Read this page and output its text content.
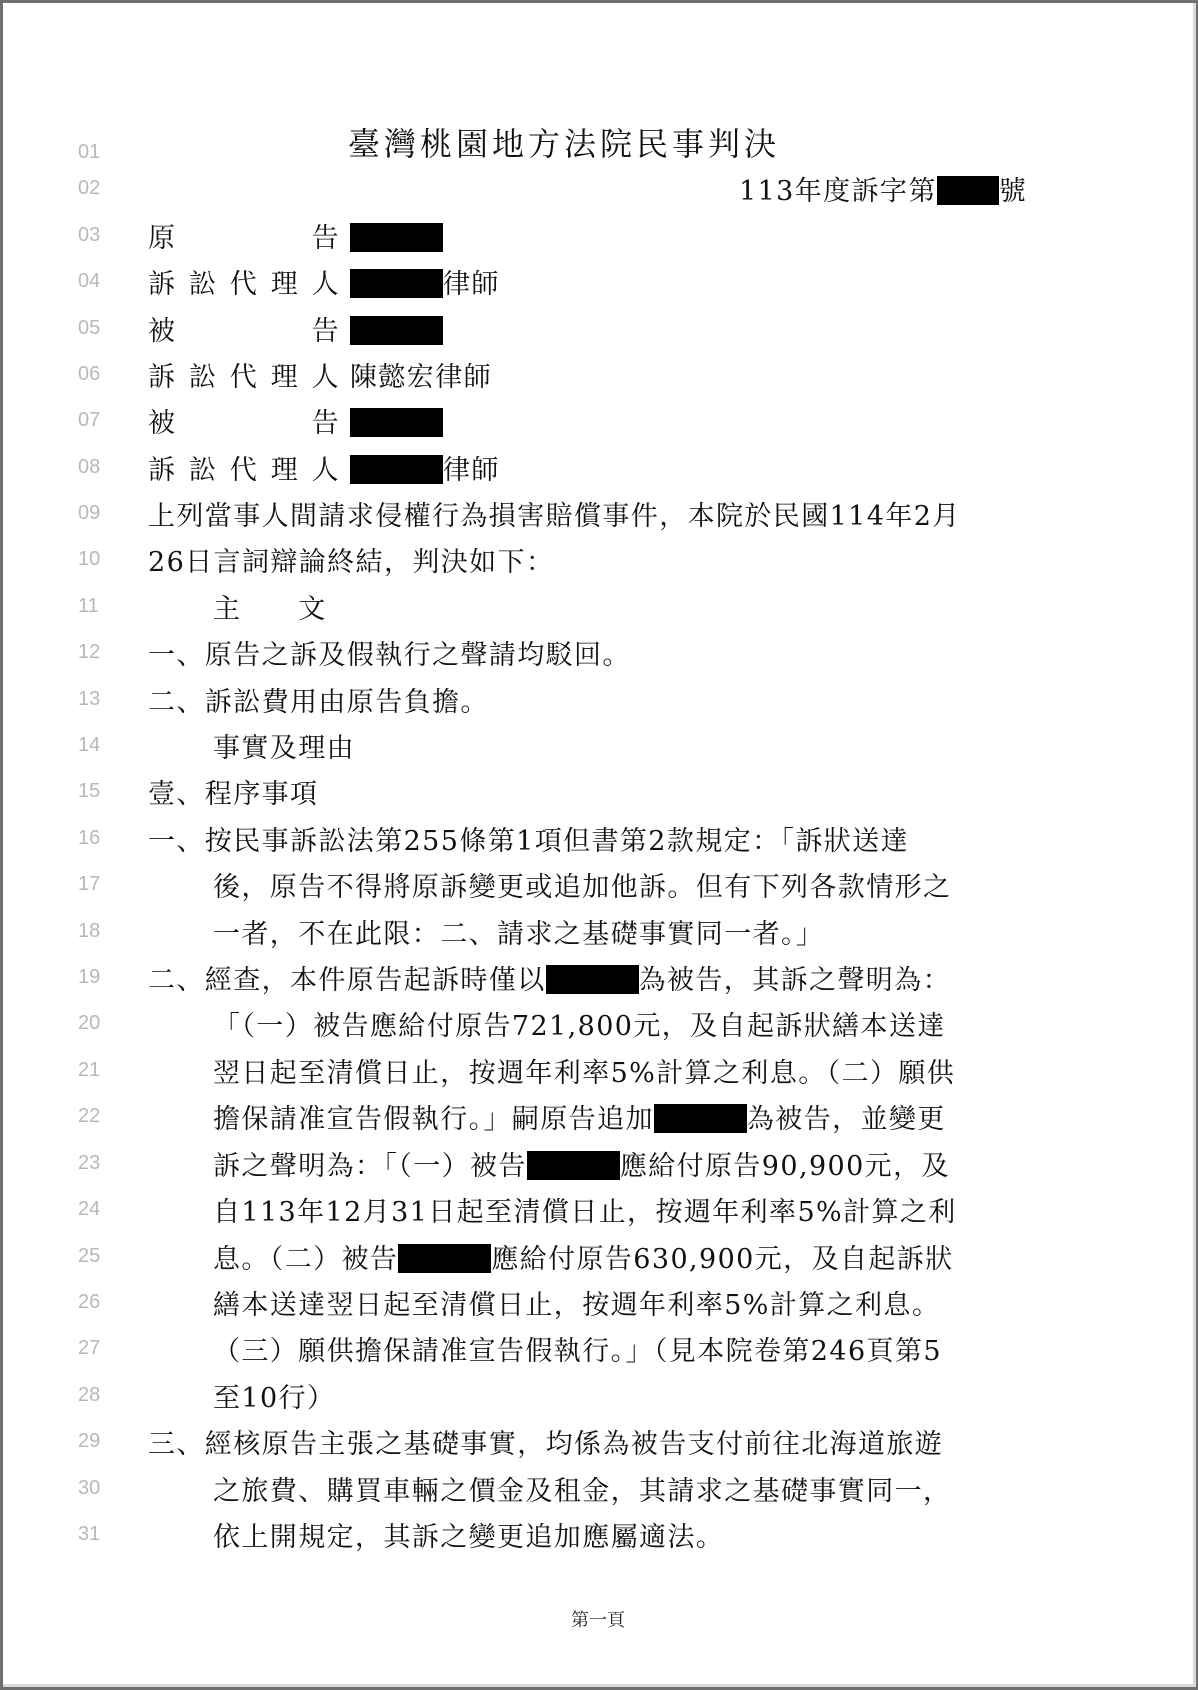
01	臺灣桃園地方法院民事判決
02	113年度訴字第 號
03	原　　　告
04	訴訟代理人	律師
05	被　　　告
06	訴訟代理人 陳懿宏律師
07	被　　　告
08	訴訟代理人	律師
09	上列當事人間請求侵權行為損害賠償事件，本院於民國114年2月
10	26日言詞辯論終結，判決如下：
11	主　　文
12	一、原告之訴及假執行之聲請均駁回。
13	二、訴訟費用由原告負擔。
14	事實及理由
15	壹、程序事項
16	一、按民事訴訟法第255條第1項但書第2款規定：「訴狀送達
17	後，原告不得將原訴變更或追加他訴。但有下列各款情形之
18	一者，不在此限：二、請求之基礎事實同一者。」
19	二、經查，本件原告起訴時僅以	為被告，其訴之聲明為：
20	「（一）被告應給付原告721,800元，及自起訴狀繕本送達
21	翌日起至清償日止，按週年利率5%計算之利息。（二）願供
22	擔保請准宣告假執行。」嗣原告追加	為被告，並變更
23	訴之聲明為：「（一）被告	應給付原告90,900元，及
24	自113年12月31日起至清償日止，按週年利率5%計算之利
25	息。（二）被告	應給付原告630,900元，及自起訴狀
26	繕本送達翌日起至清償日止，按週年利率5%計算之利息。
27	（三）願供擔保請准宣告假執行。」（見本院卷第246頁第5
28	至10行）
29	三、經核原告主張之基礎事實，均係為被告支付前往北海道旅遊
30	之旅費、購買車輛之價金及租金，其請求之基礎事實同一，
31	依上開規定，其訴之變更追加應屬適法。
第一頁
